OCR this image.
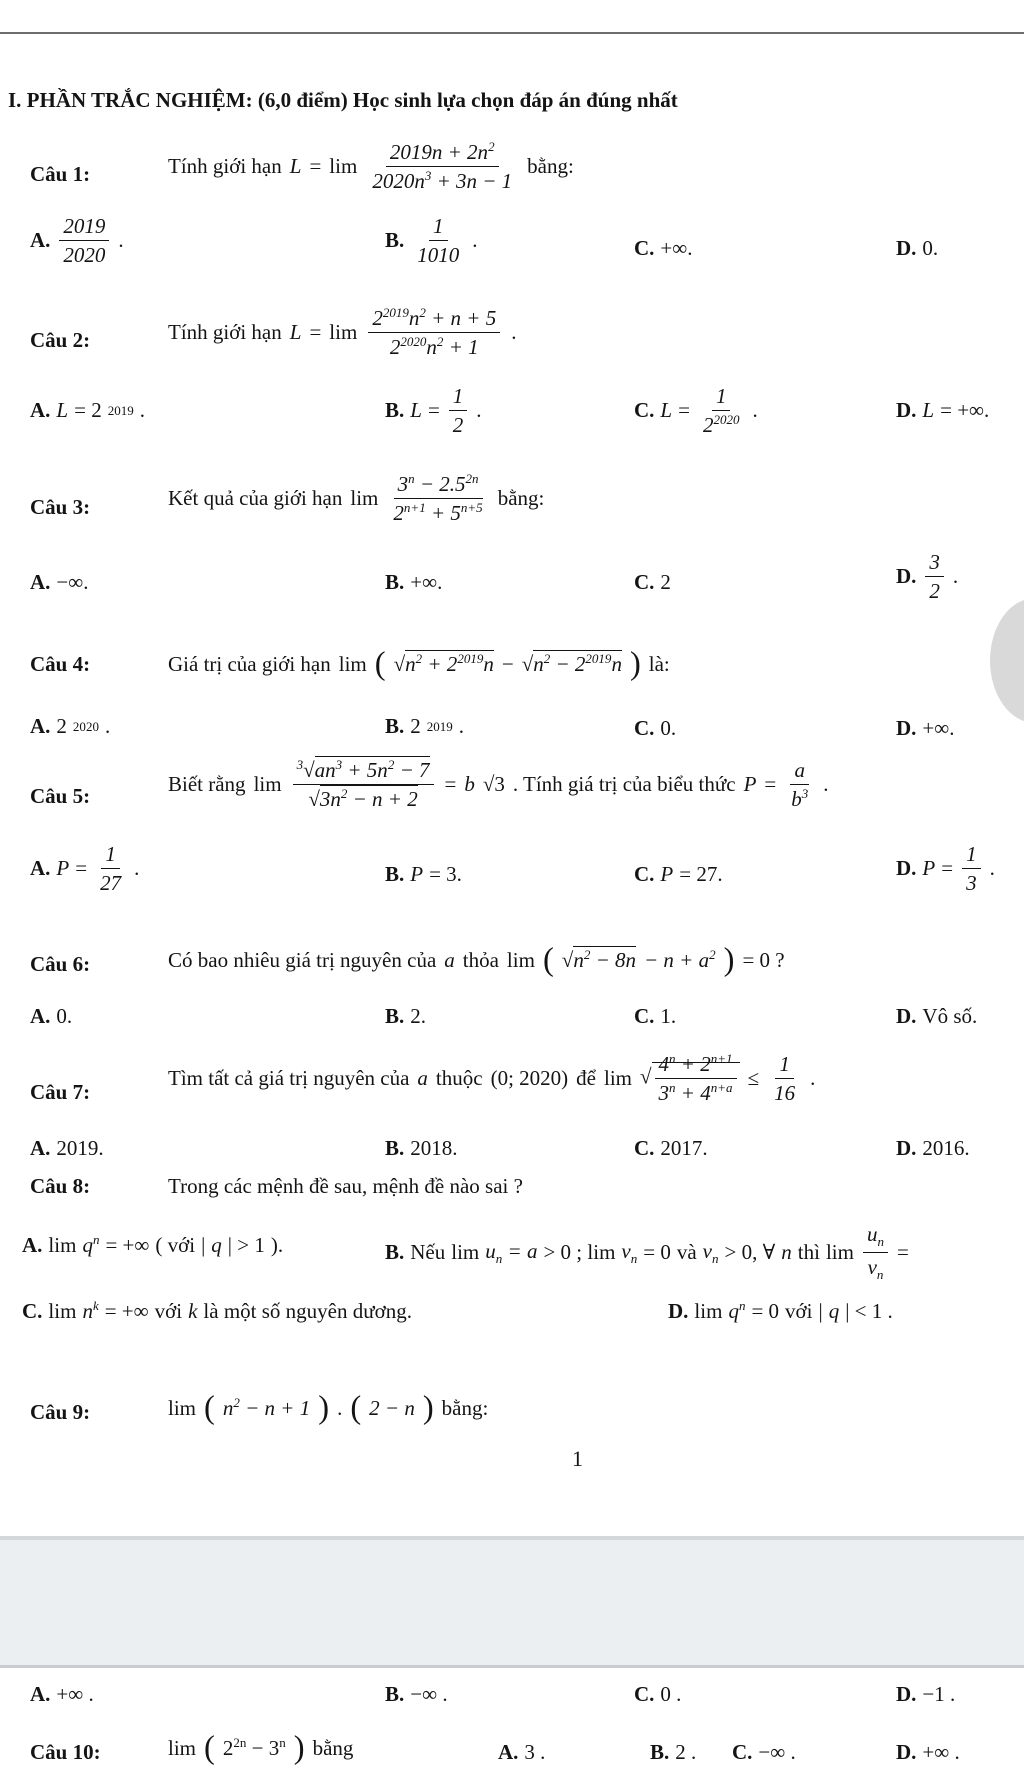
I. PHẦN TRẮC NGHIỆM: (6,0 điểm) Học sinh lựa chọn đáp án đúng nhất
Câu 1:	Tính giới hạn $L = \lim \frac{2019n + 2n^2}{2020n^3 + 3n - 1}$ bằng:
A. $\frac{2019}{2020}$ .	B. $\frac{1}{1010}$ .	C. +∞.	D. 0.
Câu 2:	Tính giới hạn $L = \lim \frac{2^{2019}n^2 + n + 5}{2^{2020}n^2 + 1}$ .
A. L = 2 2019 .	B. $L = \frac{1}{2}$ .	C. $L = \frac{1}{2^{2020}}$ .	D. L = +∞.
Câu 3:	Kết quả của giới hạn $\lim \frac{3^n - 2.5^{2n}}{2^{n+1} + 5^{n+5}}$ bằng:
A. −∞.	B. +∞.	C. 2	D. $\frac{3}{2}$ .
Câu 4:	Giá trị của giới hạn lim ( $√n^2 + 2^{2019}n - √n^2 - 2^{2019}n$ ) là:
A. 2 2020 .	B. 2 2019 .	C. 0.	D. +∞.
Câu 5:	Biết rằng $\lim \frac{^3√an^3 + 5n^2 - 7}{√3n^2 - n + 2} = b$ √3 . Tính giá trị của biểu thức $P = \frac{a}{b^3}$ .
A. $P = \frac{1}{27}$ .	B. P = 3.	C. P = 27.	D. $P = \frac{1}{3}$ .
Câu 6:	Có bao nhiêu giá trị nguyên của a thỏa lim ( $√n^2 - 8n - n + a^2$ ) = 0 ?
A. 0.	B. 2.	C. 1.	D. Vô số.
Câu 7:
Tìm tất cả giá trị nguyên của a thuộc (0; 2020) để lim √ $\frac{4^n + 2^{n+1}}{3^n + 4^{n+a}} \le \frac{1}{16}$ .
A. 2019.	B. 2018.	C. 2017.	D. 2016.
Câu 8:	Trong các mệnh đề sau, mệnh đề nào sai ?
A. $\lim q^n$ = +∞ ( với | q | > 1 ).	B. Nếu $\lim u_n = a > 0$ ; $\lim v_n = 0$ và $v_n > 0$, ∀ n thì $\lim \frac{u_n}{v_n}$ =
C. $\lim n^k$ = +∞ với k là một số nguyên dương.	D. $\lim q^n = 0$ với | q | < 1 .
Câu 9:	lim ( $n^2 - n + 1$ ) . ( 2 − n ) bằng:
1
A. +∞ .	B. −∞ .	C. 0 .	D. −1 .
Câu 10:	lim ( $2^{2n} - 3^n$ ) bằng	A. 3 .	B. 2 . C. −∞ .	D. +∞ .
